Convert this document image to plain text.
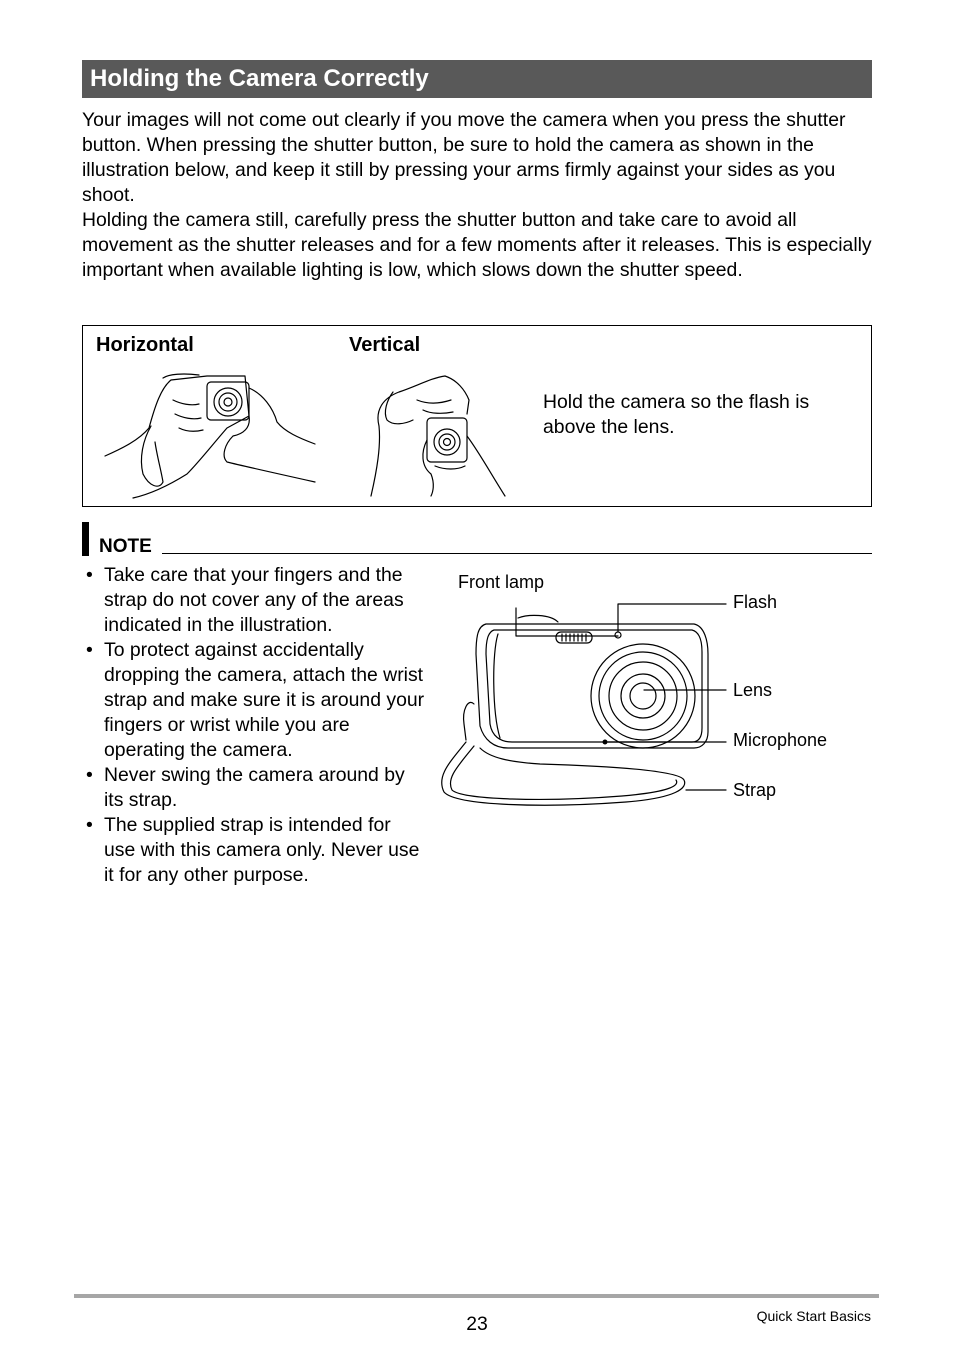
Holding the Camera Correctly

Your images will not come out clearly if you move the camera when you press the shutter button. When pressing the shutter button, be sure to hold the camera as shown in the illustration below, and keep it still by pressing your arms firmly against your sides as you shoot.

Holding the camera still, carefully press the shutter button and take care to avoid all movement as the shutter releases and for a few moments after it releases. This is especially important when available lighting is low, which slows down the shutter speed.

Horizontal	Vertical
Hold the camera so the flash is above the lens.
NOTE
• Take care that your fingers and the strap do not cover any of the areas indicated in the illustration.
• To protect against accidentally dropping the camera, attach the wrist strap and make sure it is around your fingers or wrist while you are operating the camera.
• Never swing the camera around by its strap.
• The supplied strap is intended for use with this camera only. Never use it for any other purpose.
Front lamp
Flash
Lens
Microphone
Strap
23	Quick Start Basics
